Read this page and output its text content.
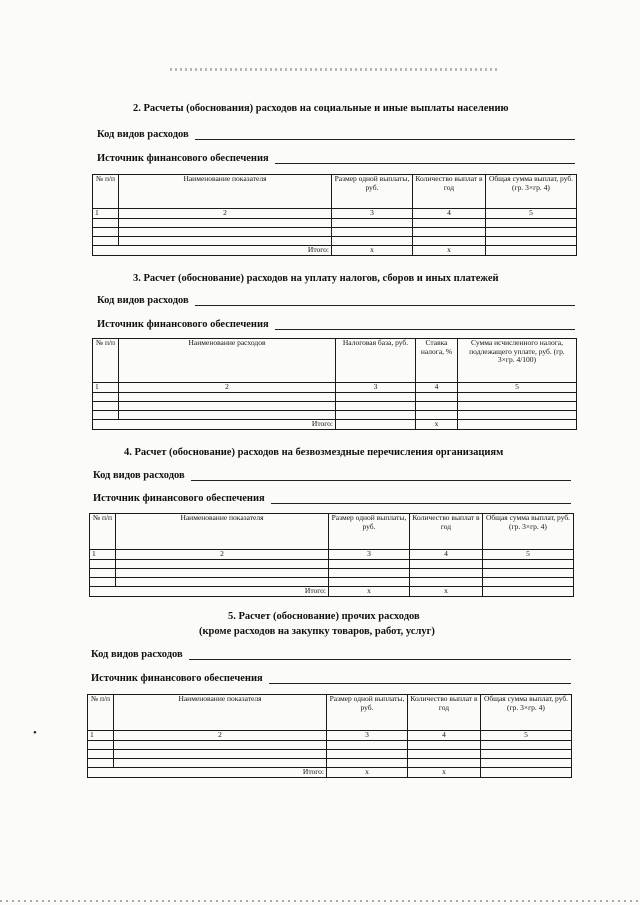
•
2. Расчеты (обоснования) расходов на социальные и иные выплаты населению
Код видов расходов
Источник финансового обеспечения
№ п/п	Наименование показателя	Размер одной выплаты, руб.	Количество выплат в год	Общая сумма выплат, руб. (гр. 3×гр. 4)
1	2	3	4	5

Итого:		x	x	
3. Расчет (обоснование) расходов на уплату налогов, сборов и иных платежей
Код видов расходов
Источник финансового обеспечения
№ п/п	Наименование расходов	Налоговая база, руб.	Ставка налога, %	Сумма исчисленного налога, подлежащего уплате, руб. (гр. 3×гр. 4/100)
1	2	3	4	5

Итого:			x	
4. Расчет (обоснование) расходов на безвозмездные перечисления организациям
Код видов расходов
Источник финансового обеспечения
№ п/п	Наименование показателя	Размер одной выплаты, руб.	Количество выплат в год	Общая сумма выплат, руб. (гр. 3×гр. 4)
1	2	3	4	5

Итого:		x	x	
5. Расчет (обоснование) прочих расходов
(кроме расходов на закупку товаров, работ, услуг)
Код видов расходов
Источник финансового обеспечения
№ п/п	Наименование показателя	Размер одной выплаты, руб.	Количество выплат в год	Общая сумма выплат, руб. (гр. 3×гр. 4)
1	2	3	4	5

Итого:		x	x	
